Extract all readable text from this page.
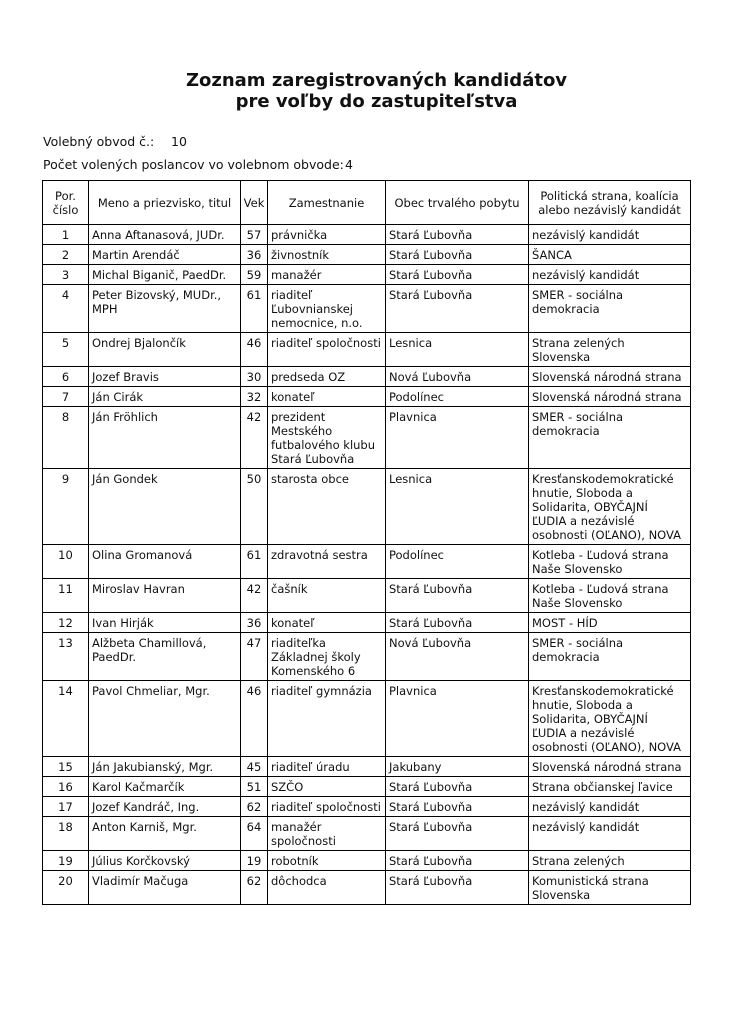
Zoznam zaregistrovaných kandidátov
pre voľby do zastupiteľstva
Volebný obvod č.: 10
Počet volených poslancov vo volebnom obvode: 4
Por.
číslo	Meno a priezvisko, titul	Vek	Zamestnanie	Obec trvalého pobytu	Politická strana, koalícia
alebo nezávislý kandidát

1	Anna Aftanasová, JUDr.	57	právnička	Stará Ľubovňa	nezávislý kandidát

2	Martin Arendáč	36	živnostník	Stará Ľubovňa	ŠANCA

3	Michal Biganič, PaedDr.	59	manažér	Stará Ľubovňa	nezávislý kandidát

4	Peter Bizovský, MUDr.,
MPH	61	riaditeľ
Ľubovnianskej
nemocnice, n.o.	Stará Ľubovňa	SMER - sociálna
demokracia

5	Ondrej Bjalončík	46	riaditeľ spoločnosti	Lesnica	Strana zelených
Slovenska

6	Jozef Bravis	30	predseda OZ	Nová Ľubovňa	Slovenská národná strana

7	Ján Cirák	32	konateľ	Podolínec	Slovenská národná strana

8	Ján Fröhlich	42	prezident
Mestského
futbalového klubu
Stará Ľubovňa	Plavnica	SMER - sociálna
demokracia

9	Ján Gondek	50	starosta obce	Lesnica	Kresťanskodemokratické
hnutie, Sloboda a
Solidarita, OBYČAJNÍ
ĽUDIA a nezávislé
osobnosti (OĽANO), NOVA

10	Olina Gromanová	61	zdravotná sestra	Podolínec	Kotleba - Ľudová strana
Naše Slovensko

11	Miroslav Havran	42	čašník	Stará Ľubovňa	Kotleba - Ľudová strana
Naše Slovensko

12	Ivan Hirják	36	konateľ	Stará Ľubovňa	MOST - HÍD

13	Alžbeta Chamillová,
PaedDr.	47	riaditeľka
Základnej školy
Komenského 6	Nová Ľubovňa	SMER - sociálna
demokracia

14	Pavol Chmeliar, Mgr.	46	riaditeľ gymnázia	Plavnica	Kresťanskodemokratické
hnutie, Sloboda a
Solidarita, OBYČAJNÍ
ĽUDIA a nezávislé
osobnosti (OĽANO), NOVA

15	Ján Jakubianský, Mgr.	45	riaditeľ úradu	Jakubany	Slovenská národná strana

16	Karol Kačmarčík	51	SZČO	Stará Ľubovňa	Strana občianskej ľavice

17	Jozef Kandráč, Ing.	62	riaditeľ spoločnosti	Stará Ľubovňa	nezávislý kandidát

18	Anton Karniš, Mgr.	64	manažér
spoločnosti	Stará Ľubovňa	nezávislý kandidát

19	Július Korčkovský	19	robotník	Stará Ľubovňa	Strana zelených

20	Vladimír Mačuga	62	dôchodca	Stará Ľubovňa	Komunistická strana
Slovenska
